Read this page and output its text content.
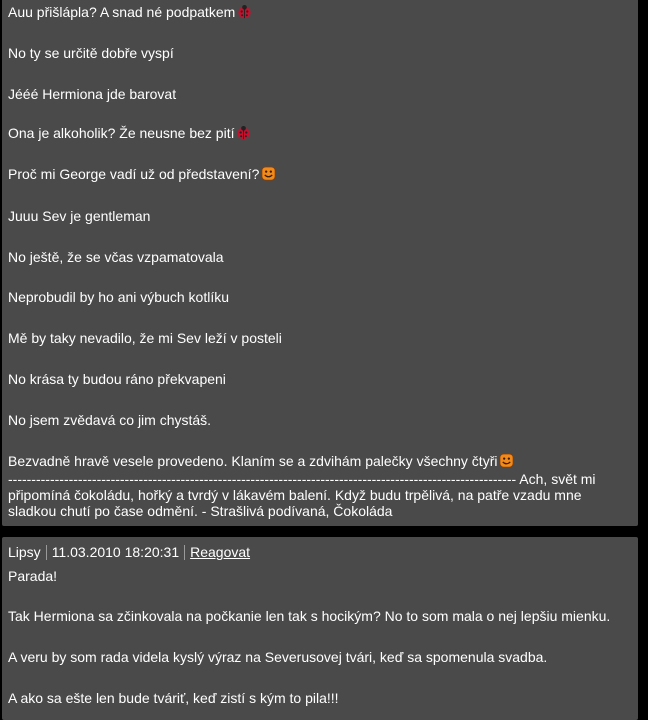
Auu přišlápla? A snad né podpatkem
No ty se určitě dobře vyspí
Jééé Hermiona jde barovat
Ona je alkoholik? Že neusne bez pití
Proč mi George vadí už od představení?
Juuu Sev je gentleman
No ještě, že se včas vzpamatovala
Neprobudil by ho ani výbuch kotlíku
Mě by taky nevadilo, že mi Sev leží v posteli
No krása ty budou ráno překvapeni
No jsem zvědavá co jim chystáš.
Bezvadně hravě vesele provedeno. Klaním se a zdvihám palečky všechny čtyři
------------------------------------------------------------------------------------------------------------- Ach, svět mi připomíná čokoládu, hořký a tvrdý v lákavém balení. Když budu trpělivá, na patře vzadu mne sladkou chutí po čase odmění. - Strašlivá podívaná, Čokoláda
Lipsy 11.03.2010 18:20:31 Reagovat
Parada!
Tak Hermiona sa zčinkovala na počkanie len tak s hocikým? No to som mala o nej lepšiu mienku.
A veru by som rada videla kyslý výraz na Severusovej tvári, keď sa spomenula svadba.
A ako sa ešte len bude tváriť, keď zistí s kým to pila!!!
